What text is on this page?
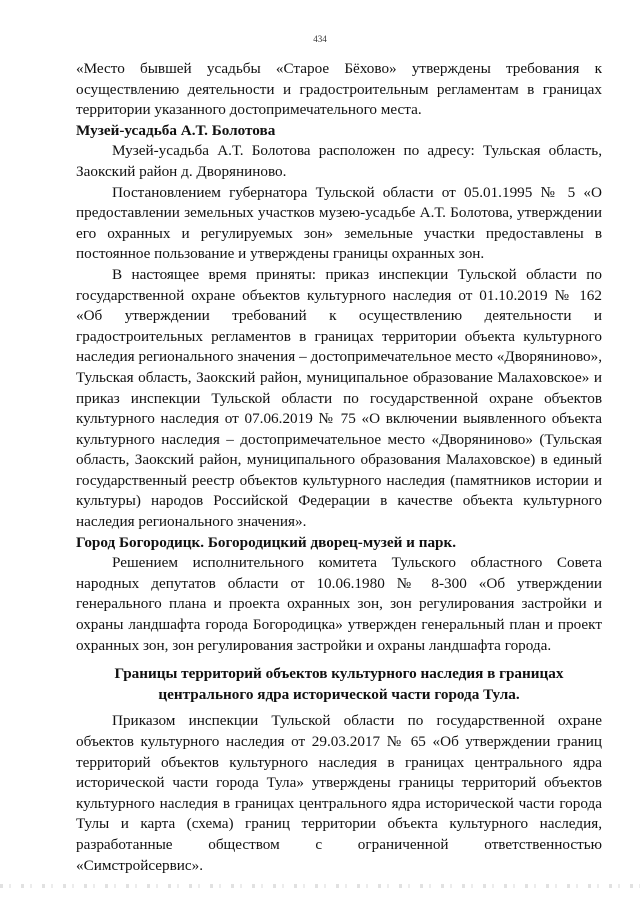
434

«Место бывшей усадьбы «Старое Бёхово» утверждены требования к осуществлению деятельности и градостроительным регламентам в границах территории указанного достопримечательного места.

Музей-усадьба А.Т. Болотова

Музей-усадьба А.Т. Болотова расположен по адресу: Тульская область, Заокский район д. Дворяниново.

Постановлением губернатора Тульской области от 05.01.1995 № 5 «О предоставлении земельных участков музею-усадьбе А.Т. Болотова, утверждении его охранных и регулируемых зон» земельные участки предоставлены в постоянное пользование и утверждены границы охранных зон.

В настоящее время приняты: приказ инспекции Тульской области по государственной охране объектов культурного наследия от 01.10.2019 № 162 «Об утверждении требований к осуществлению деятельности и градостроительных регламентов в границах территории объекта культурного наследия регионального значения – достопримечательное место «Дворяниново», Тульская область, Заокский район, муниципальное образование Малаховское» и приказ инспекции Тульской области по государственной охране объектов культурного наследия от 07.06.2019 № 75 «О включении выявленного объекта культурного наследия – достопримечательное место «Дворяниново» (Тульская область, Заокский район, муниципального образования Малаховское) в единый государственный реестр объектов культурного наследия (памятников истории и культуры) народов Российской Федерации в качестве объекта культурного наследия регионального значения».

Город Богородицк. Богородицкий дворец-музей и парк.

Решением исполнительного комитета Тульского областного Совета народных депутатов области от 10.06.1980 № 8-300 «Об утверждении генерального плана и проекта охранных зон, зон регулирования застройки и охраны ландшафта города Богородицка» утвержден генеральный план и проект охранных зон, зон регулирования застройки и охраны ландшафта города.

Границы территорий объектов культурного наследия в границах
центрального ядра исторической части города Тула.

Приказом инспекции Тульской области по государственной охране объектов культурного наследия от 29.03.2017 № 65 «Об утверждении границ территорий объектов культурного наследия в границах центрального ядра исторической части города Тула» утверждены границы территорий объектов культурного наследия в границах центрального ядра исторической части города Тулы и карта (схема) границ территории объекта культурного наследия, разработанные обществом с ограниченной ответственностью «Симстройсервис».
